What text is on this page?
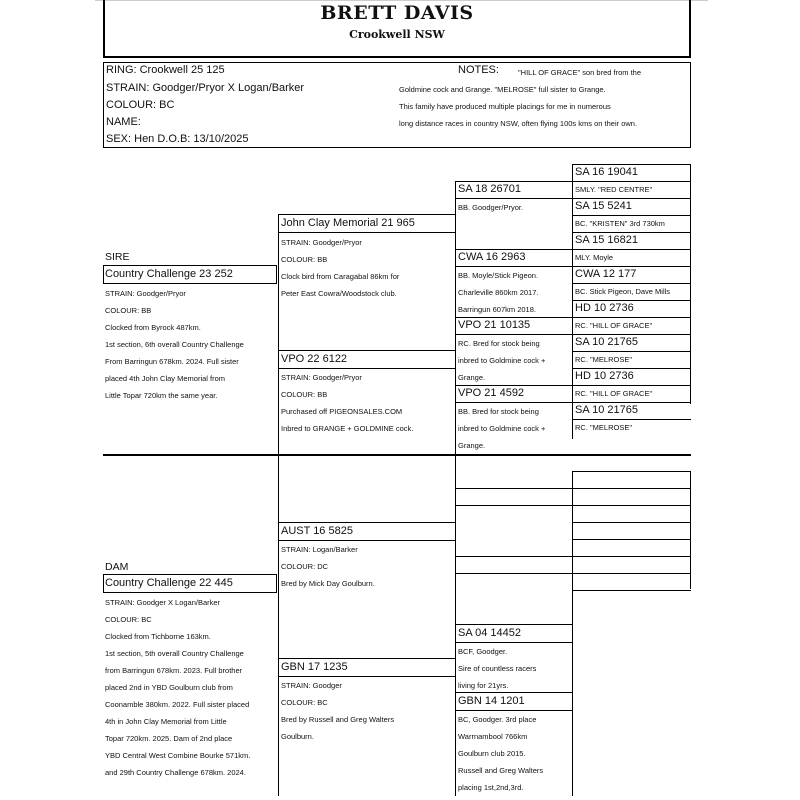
BRETT DAVIS
Crookwell NSW
RING: Crookwell 25 125
STRAIN: Goodger/Pryor X Logan/Barker
COLOUR: BC
NAME:
SEX: Hen D.O.B: 13/10/2025
NOTES:	"HILL OF GRACE" son bred from the
Goldmine cock and Grange. "MELROSE" full sister to Grange.
This family have produced multiple placings for me in numerous
long distance races in country NSW, often flying 100s kms on their own.
SIRE
Country Challenge 23 252
STRAIN: Goodger/Pryor
COLOUR: BB
Clocked from Byrock 487km.
1st section, 6th overall Country Challenge
From Barringun 678km. 2024. Full sister
placed 4th John Clay Memorial from
Little Topar 720km the same year.
John Clay Memorial 21 965
STRAIN: Goodger/Pryor
COLOUR: BB
Clock bird from Caragabal 86km for
Peter East Cowra/Woodstock club.
VPO 22 6122
STRAIN: Goodger/Pryor
COLOUR: BB
Purchased off PIGEONSALES.COM
Inbred to GRANGE + GOLDMINE cock.
SA 18 26701
BB. Goodger/Pryor.
CWA 16 2963
BB. Moyle/Stick Pigeon.
Charleville 860km 2017.
Barringun 607km 2018.
VPO 21 10135
RC. Bred for stock being
inbred to Goldmine cock +
Grange.
VPO 21 4592
BB. Bred for stock being
inbred to Goldmine cock +
Grange.
SA 16 19041
SMLY. "RED CENTRE"
SA 15 5241
BC. "KRISTEN" 3rd 730km
SA 15 16821
MLY. Moyle
CWA 12 177
BC. Stick Pigeon, Dave Mills
HD 10 2736
RC. "HILL OF GRACE"
SA 10 21765
RC. "MELROSE"
HD 10 2736
RC. "HILL OF GRACE"
SA 10 21765
RC. "MELROSE"
DAM
Country Challenge 22 445
STRAIN: Goodger X Logan/Barker
COLOUR: BC
Clocked from Tichborne 163km.
1st section, 5th overall Country Challenge
from Barringun 678km. 2023. Full brother
placed 2nd in YBD Goulburn club from
Coonamble 380km. 2022. Full sister placed
4th in John Clay Memorial from Little
Topar 720km. 2025. Dam of 2nd place
YBD Central West Combine Bourke 571km.
and 29th Country Challenge 678km. 2024.
AUST 16 5825
STRAIN: Logan/Barker
COLOUR: DC
Bred by Mick Day Goulburn.
GBN 17 1235
STRAIN: Goodger
COLOUR: BC
Bred by Russell and Greg Walters
Goulburn.
SA 04 14452
BCF, Goodger.
Sire of countless racers
living for 21yrs.
GBN 14 1201
BC, Goodger. 3rd place
Warrnambool 766km
Goulburn club 2015.
Russell and Greg Walters
placing 1st,2nd,3rd.
